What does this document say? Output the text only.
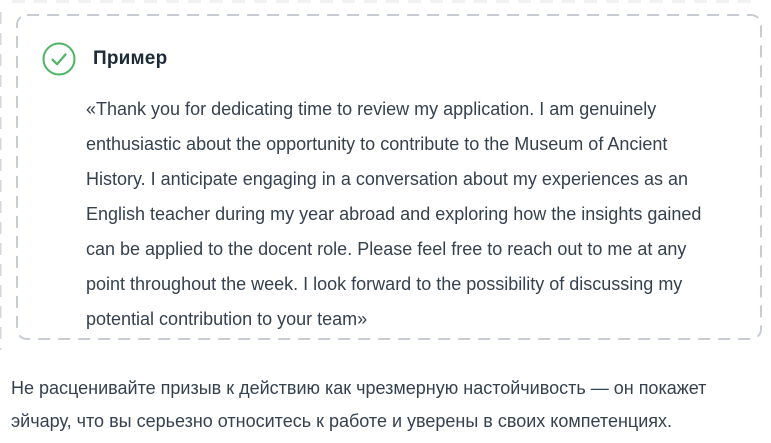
Пример
«Thank you for dedicating time to review my application. I am genuinely
enthusiastic about the opportunity to contribute to the Museum of Ancient
History. I anticipate engaging in a conversation about my experiences as an
English teacher during my year abroad and exploring how the insights gained
can be applied to the docent role. Please feel free to reach out to me at any
point throughout the week. I look forward to the possibility of discussing my
potential contribution to your team»

Не расценивайте призыв к действию как чрезмерную настойчивость — он покажет
эйчару, что вы серьезно относитесь к работе и уверены в своих компетенциях.
